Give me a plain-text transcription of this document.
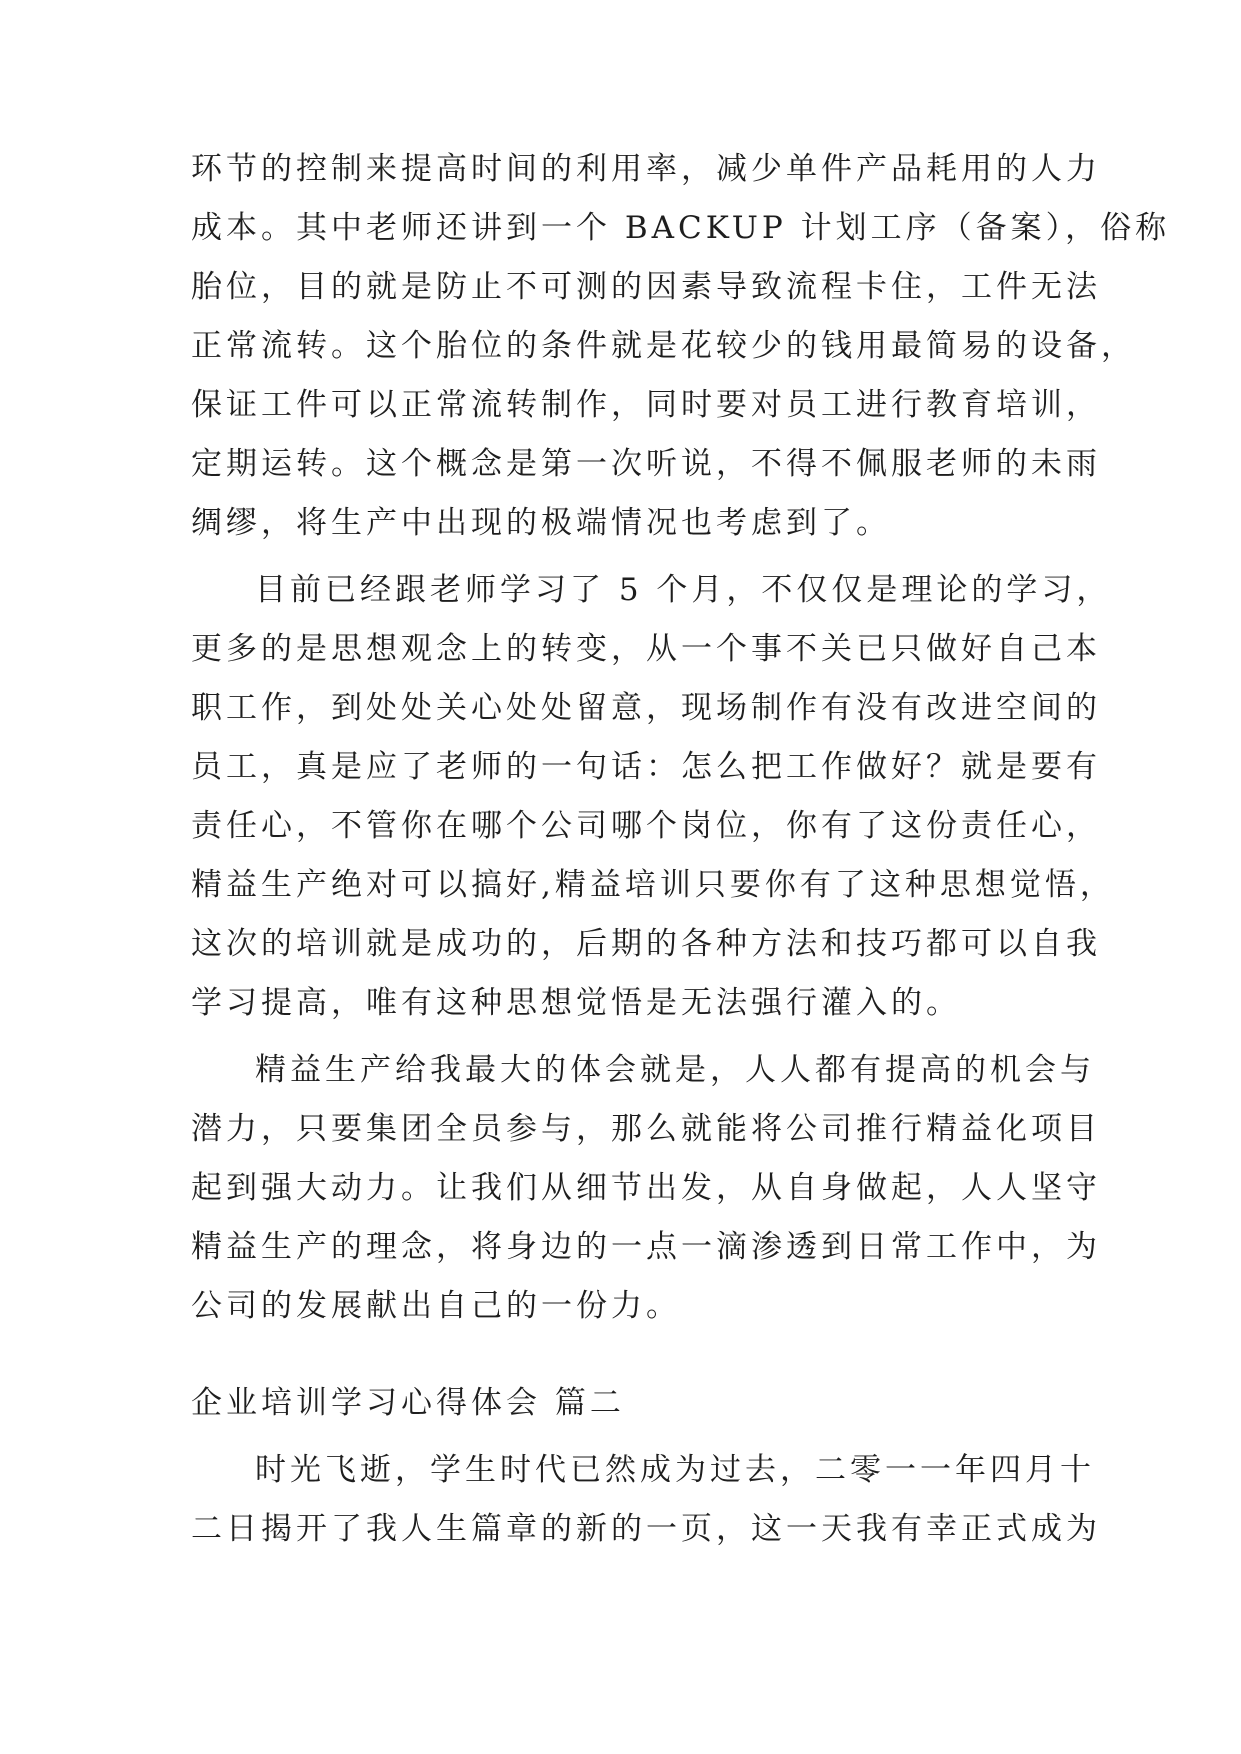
环节的控制来提高时间的利用率，减少单件产品耗用的人力
成本。其中老师还讲到一个 BACKUP 计划工序（备案），俗称
胎位，目的就是防止不可测的因素导致流程卡住，工件无法
正常流转。这个胎位的条件就是花较少的钱用最简易的设备，
保证工件可以正常流转制作，同时要对员工进行教育培训，
定期运转。这个概念是第一次听说，不得不佩服老师的未雨
绸缪，将生产中出现的极端情况也考虑到了。
目前已经跟老师学习了 5 个月，不仅仅是理论的学习，
更多的是思想观念上的转变，从一个事不关已只做好自己本
职工作，到处处关心处处留意，现场制作有没有改进空间的
员工，真是应了老师的一句话：怎么把工作做好？就是要有
责任心，不管你在哪个公司哪个岗位，你有了这份责任心，
精益生产绝对可以搞好,精益培训只要你有了这种思想觉悟，
这次的培训就是成功的，后期的各种方法和技巧都可以自我
学习提高，唯有这种思想觉悟是无法强行灌入的。
精益生产给我最大的体会就是，人人都有提高的机会与
潜力，只要集团全员参与，那么就能将公司推行精益化项目
起到强大动力。让我们从细节出发，从自身做起，人人坚守
精益生产的理念，将身边的一点一滴渗透到日常工作中，为
公司的发展献出自己的一份力。
企业培训学习心得体会 篇二
时光飞逝，学生时代已然成为过去，二零一一年四月十
二日揭开了我人生篇章的新的一页，这一天我有幸正式成为
